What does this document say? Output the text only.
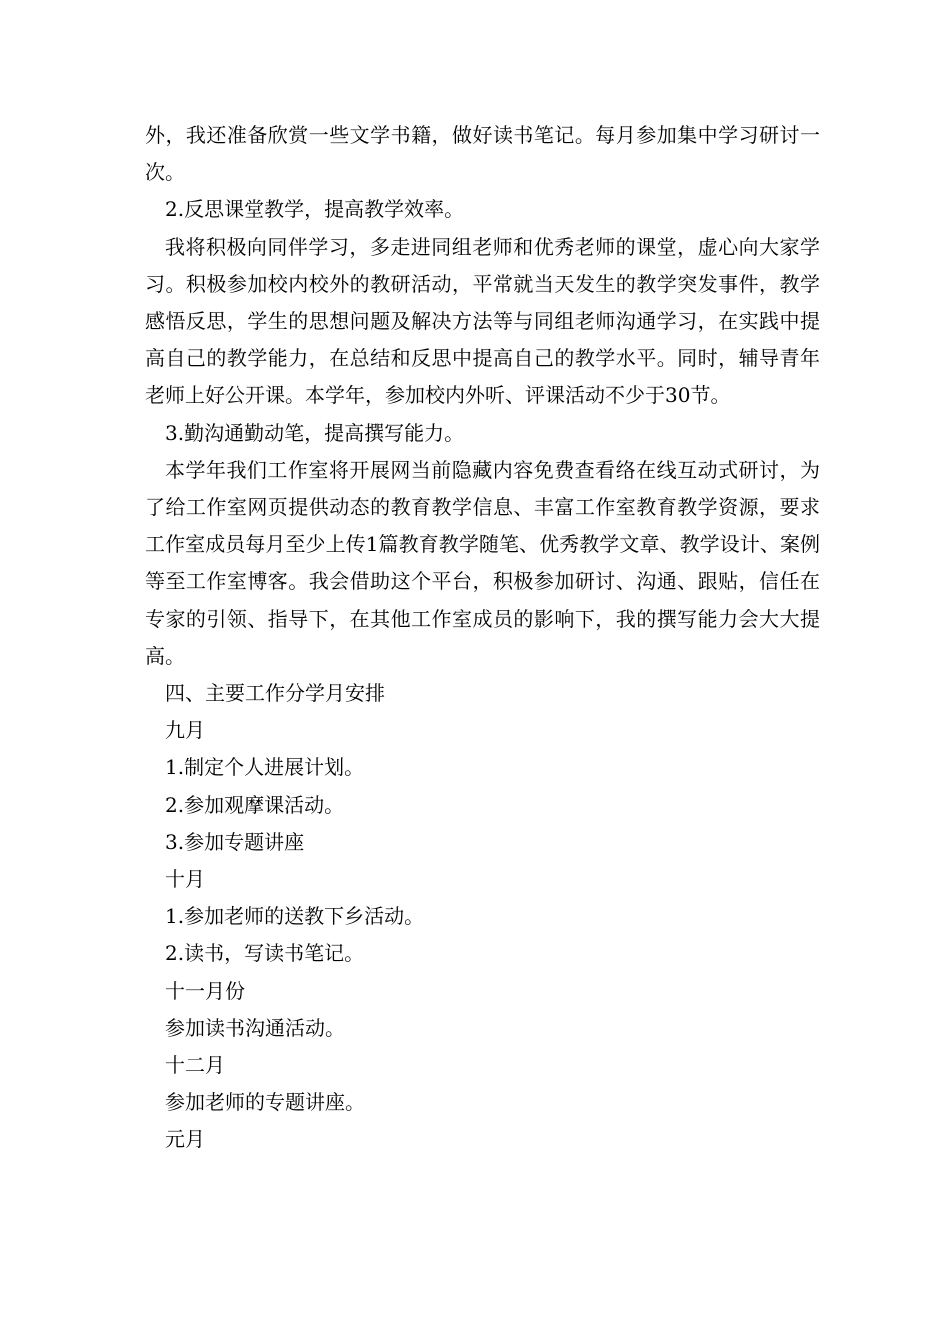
外，我还准备欣赏一些文学书籍，做好读书笔记。每月参加集中学习研讨一次。

2.反思课堂教学，提高教学效率。

我将积极向同伴学习，多走进同组老师和优秀老师的课堂，虚心向大家学习。积极参加校内校外的教研活动，平常就当天发生的教学突发事件，教学感悟反思，学生的思想问题及解决方法等与同组老师沟通学习，在实践中提高自己的教学能力，在总结和反思中提高自己的教学水平。同时，辅导青年老师上好公开课。本学年，参加校内外听、评课活动不少于30节。

3.勤沟通勤动笔，提高撰写能力。

本学年我们工作室将开展网当前隐藏内容免费查看络在线互动式研讨，为了给工作室网页提供动态的教育教学信息、丰富工作室教育教学资源，要求工作室成员每月至少上传1篇教育教学随笔、优秀教学文章、教学设计、案例等至工作室博客。我会借助这个平台，积极参加研讨、沟通、跟贴，信任在专家的引领、指导下，在其他工作室成员的影响下，我的撰写能力会大大提高。

四、主要工作分学月安排

九月

1.制定个人进展计划。

2.参加观摩课活动。

3.参加专题讲座

十月

1.参加老师的送教下乡活动。

2.读书，写读书笔记。

十一月份

参加读书沟通活动。

十二月

参加老师的专题讲座。

元月
